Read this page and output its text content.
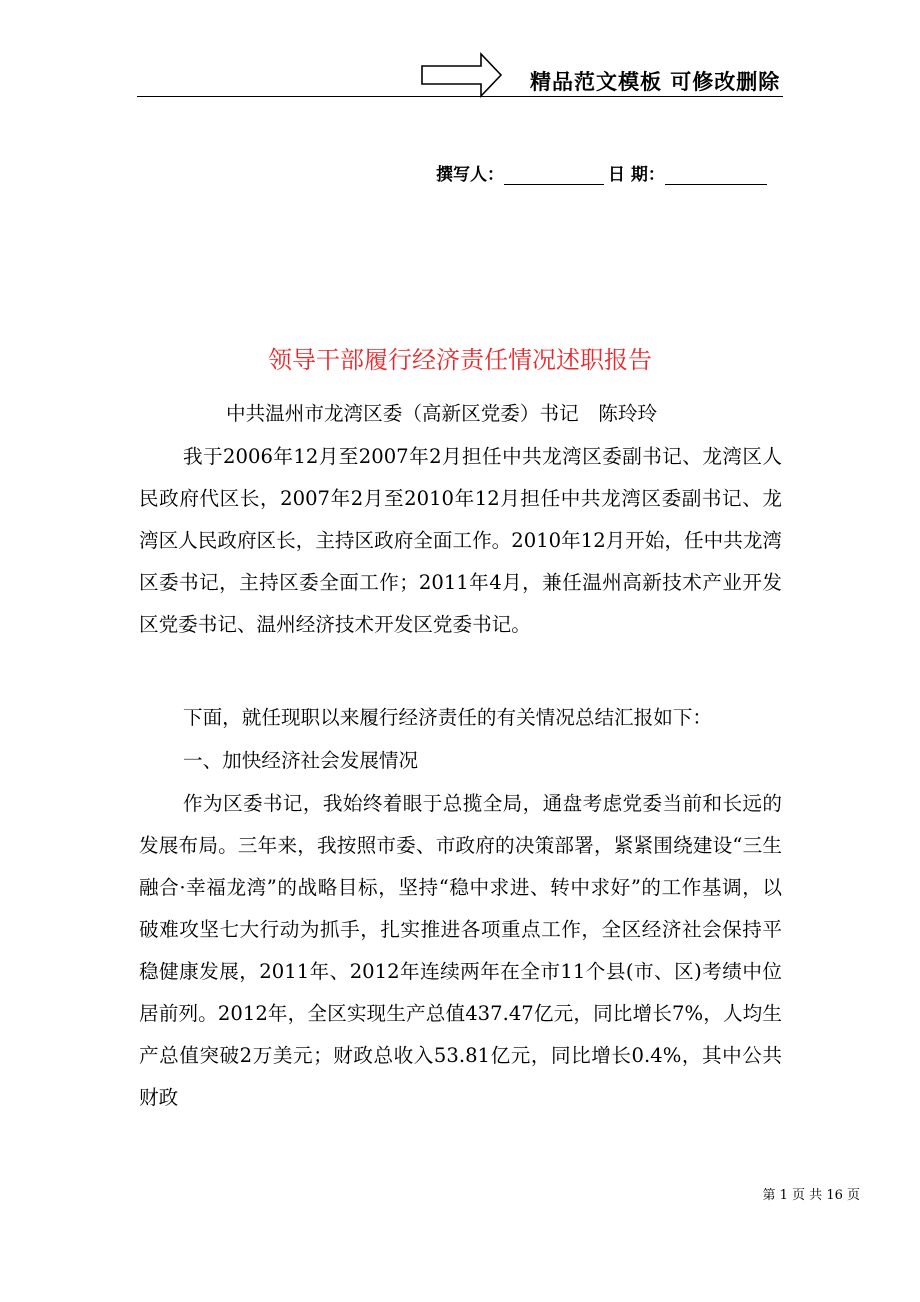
精品范文模板 可修改删除
撰写人：	日 期：
领导干部履行经济责任情况述职报告
中共温州市龙湾区委（高新区党委）书记　陈玲玲

我于2006年12月至2007年2月担任中共龙湾区委副书记、龙湾区人民政府代区长，2007年2月至2010年12月担任中共龙湾区委副书记、龙湾区人民政府区长，主持区政府全面工作。2010年12月开始，任中共龙湾区委书记，主持区委全面工作；2011年4月，兼任温州高新技术产业开发区党委书记、温州经济技术开发区党委书记。

下面，就任现职以来履行经济责任的有关情况总结汇报如下：

一、加快经济社会发展情况

作为区委书记，我始终着眼于总揽全局，通盘考虑党委当前和长远的发展布局。三年来，我按照市委、市政府的决策部署，紧紧围绕建设“三生融合·幸福龙湾”的战略目标，坚持“稳中求进、转中求好”的工作基调，以破难攻坚七大行动为抓手，扎实推进各项重点工作，全区经济社会保持平稳健康发展，2011年、2012年连续两年在全市11个县(市、区)考绩中位居前列。2012年，全区实现生产总值437.47亿元，同比增长7%，人均生产总值突破2万美元；财政总收入53.81亿元，同比增长0.4%，其中公共财政

第 1 页 共 16 页
